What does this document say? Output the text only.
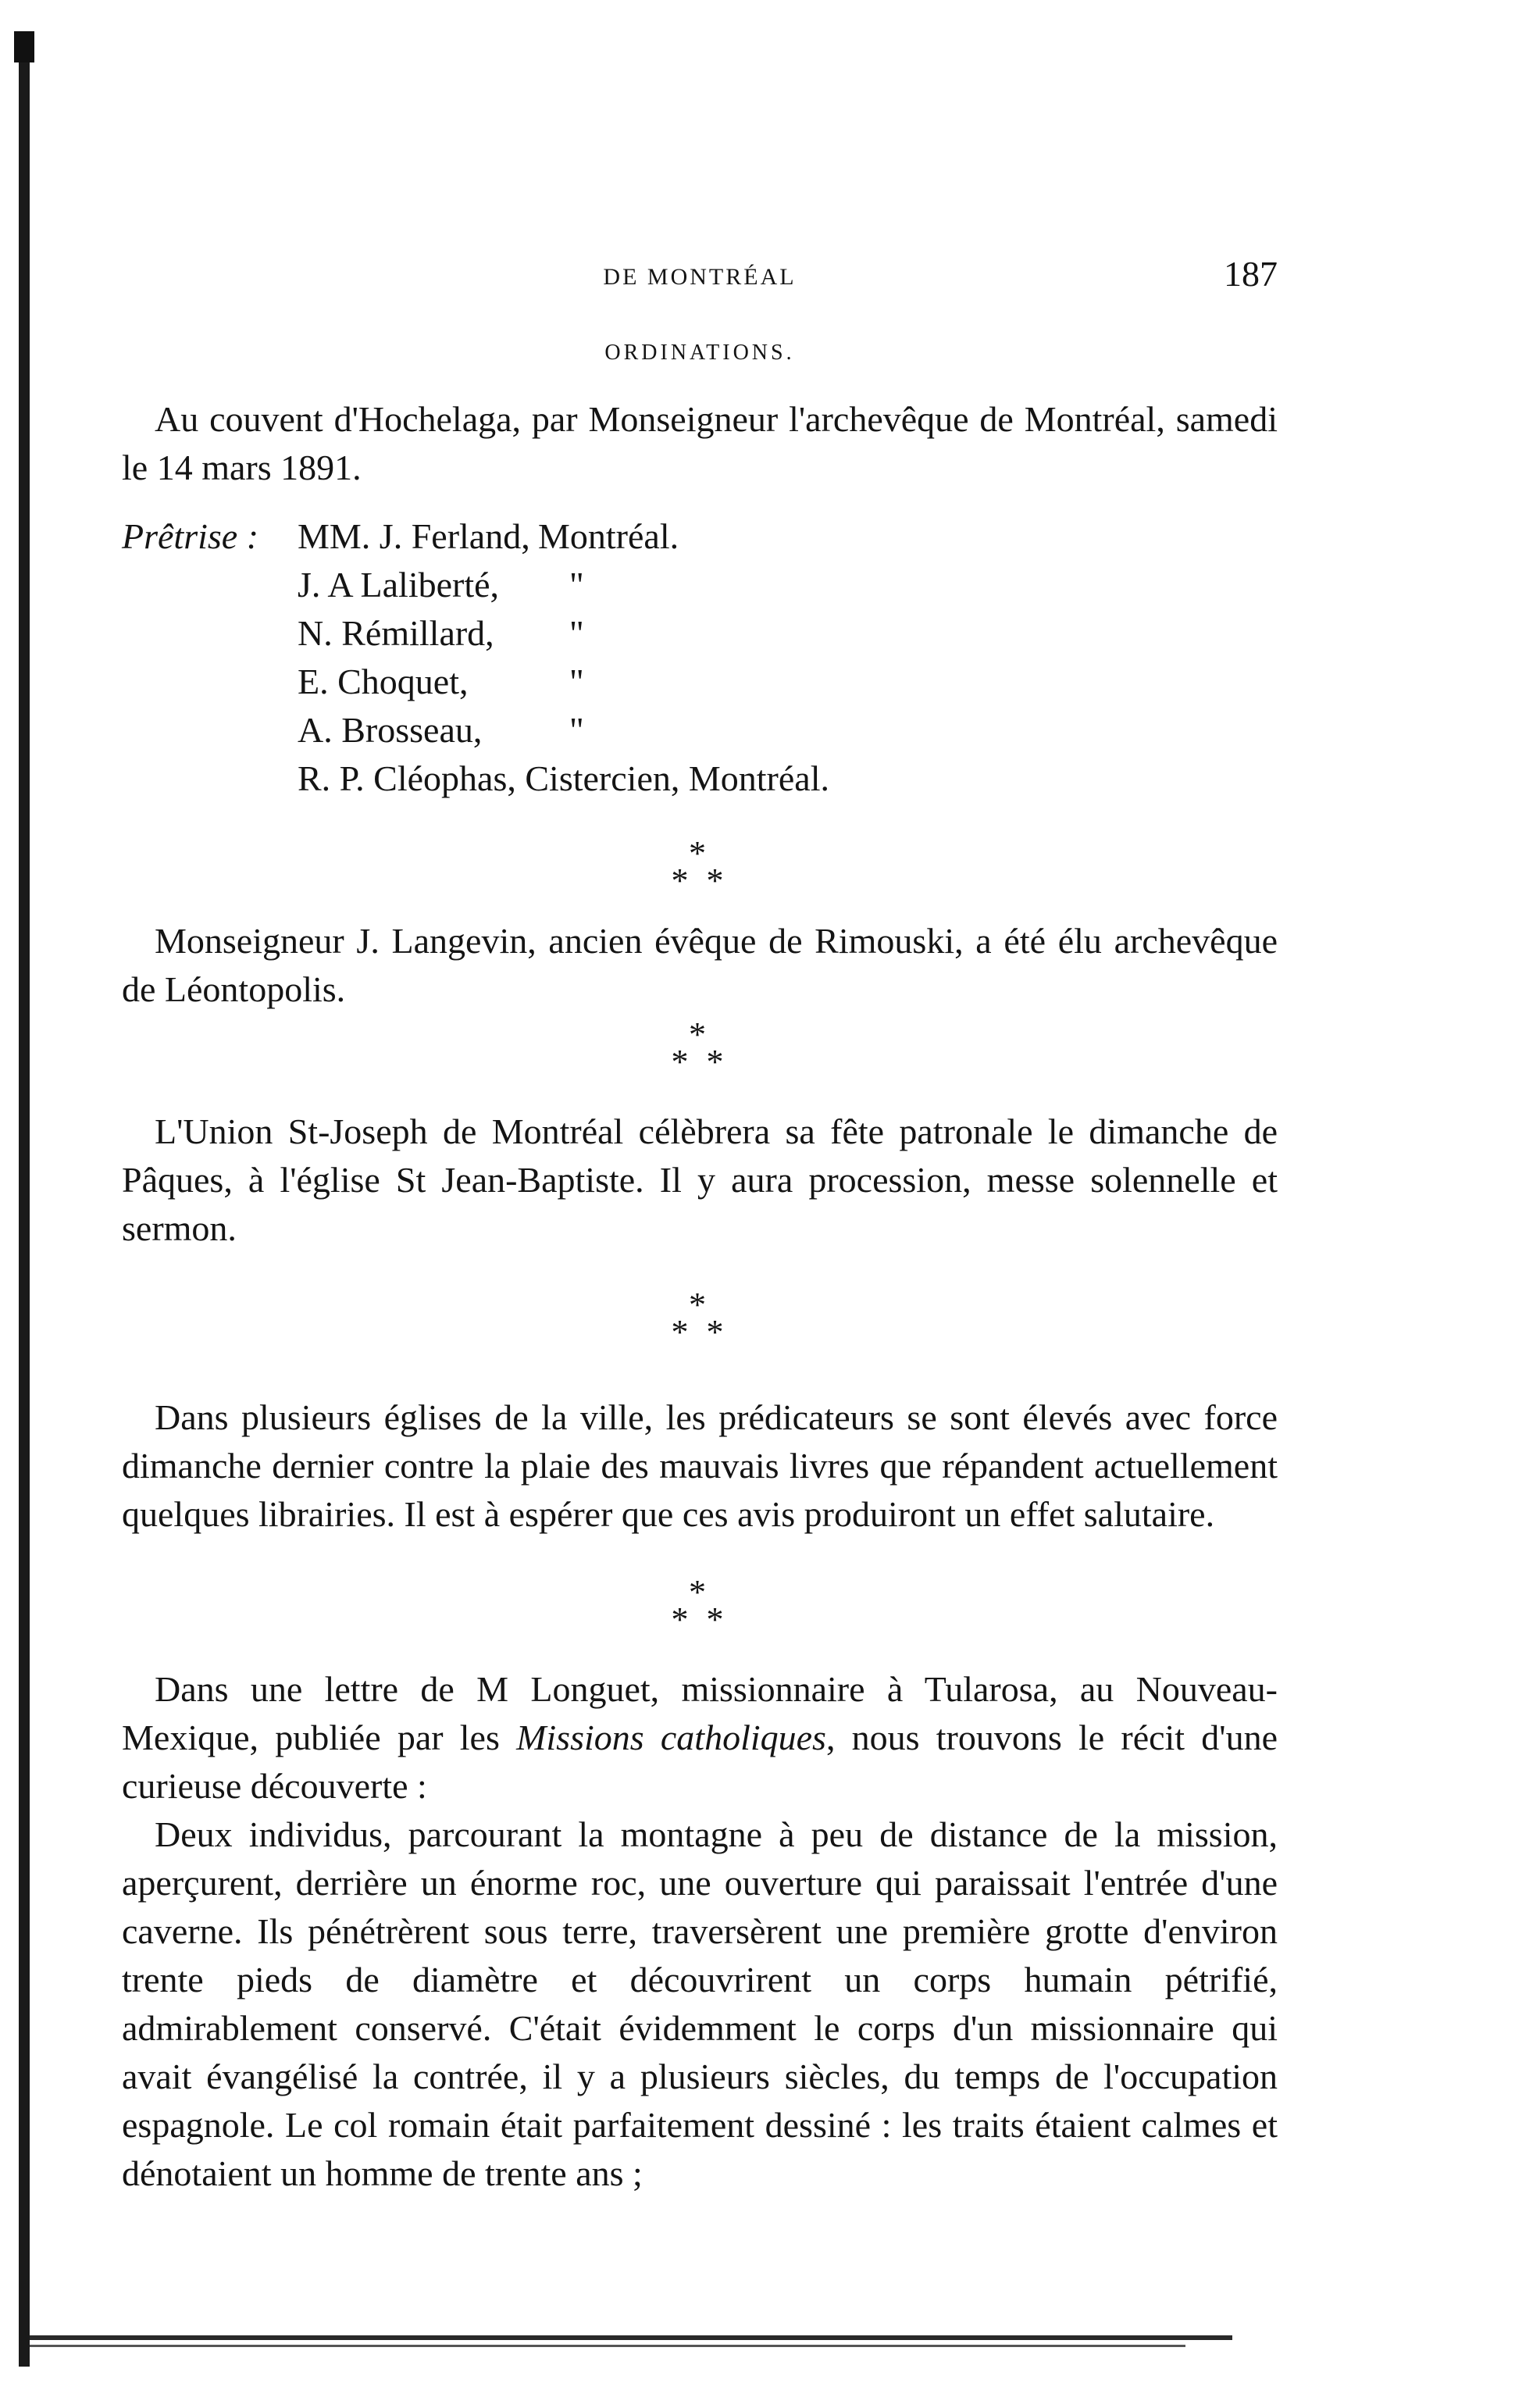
DE MONTRÉAL	187
ORDINATIONS.

Au couvent d'Hochelaga, par Monseigneur l'archevêque de Montréal, samedi le 14 mars 1891.

Prêtrise :	MM. J. Ferland, Montréal.
J. A Laliberté,	"
N. Rémillard,	"
E. Choquet,	"
A. Brosseau,	"
R. P. Cléophas, Cistercien, Montréal.
*
* *

Monseigneur J. Langevin, ancien évêque de Rimouski, a été élu archevêque de Léontopolis.

*
* *

L'Union St-Joseph de Montréal célèbrera sa fête patronale le dimanche de Pâques, à l'église St Jean-Baptiste. Il y aura procession, messe solennelle et sermon.

*
* *

Dans plusieurs églises de la ville, les prédicateurs se sont élevés avec force dimanche dernier contre la plaie des mauvais livres que répandent actuellement quelques librairies. Il est à espérer que ces avis produiront un effet salutaire.

*
* *

Dans une lettre de M Longuet, missionnaire à Tularosa, au Nouveau-Mexique, publiée par les Missions catholiques, nous trouvons le récit d'une curieuse découverte :

Deux individus, parcourant la montagne à peu de distance de la mission, aperçurent, derrière un énorme roc, une ouverture qui paraissait l'entrée d'une caverne. Ils pénétrèrent sous terre, traversèrent une première grotte d'environ trente pieds de diamètre et découvrirent un corps humain pétrifié, admirablement conservé. C'était évidemment le corps d'un missionnaire qui avait évangélisé la contrée, il y a plusieurs siècles, du temps de l'occupation espagnole. Le col romain était parfaitement dessiné : les traits étaient calmes et dénotaient un homme de trente ans ;
